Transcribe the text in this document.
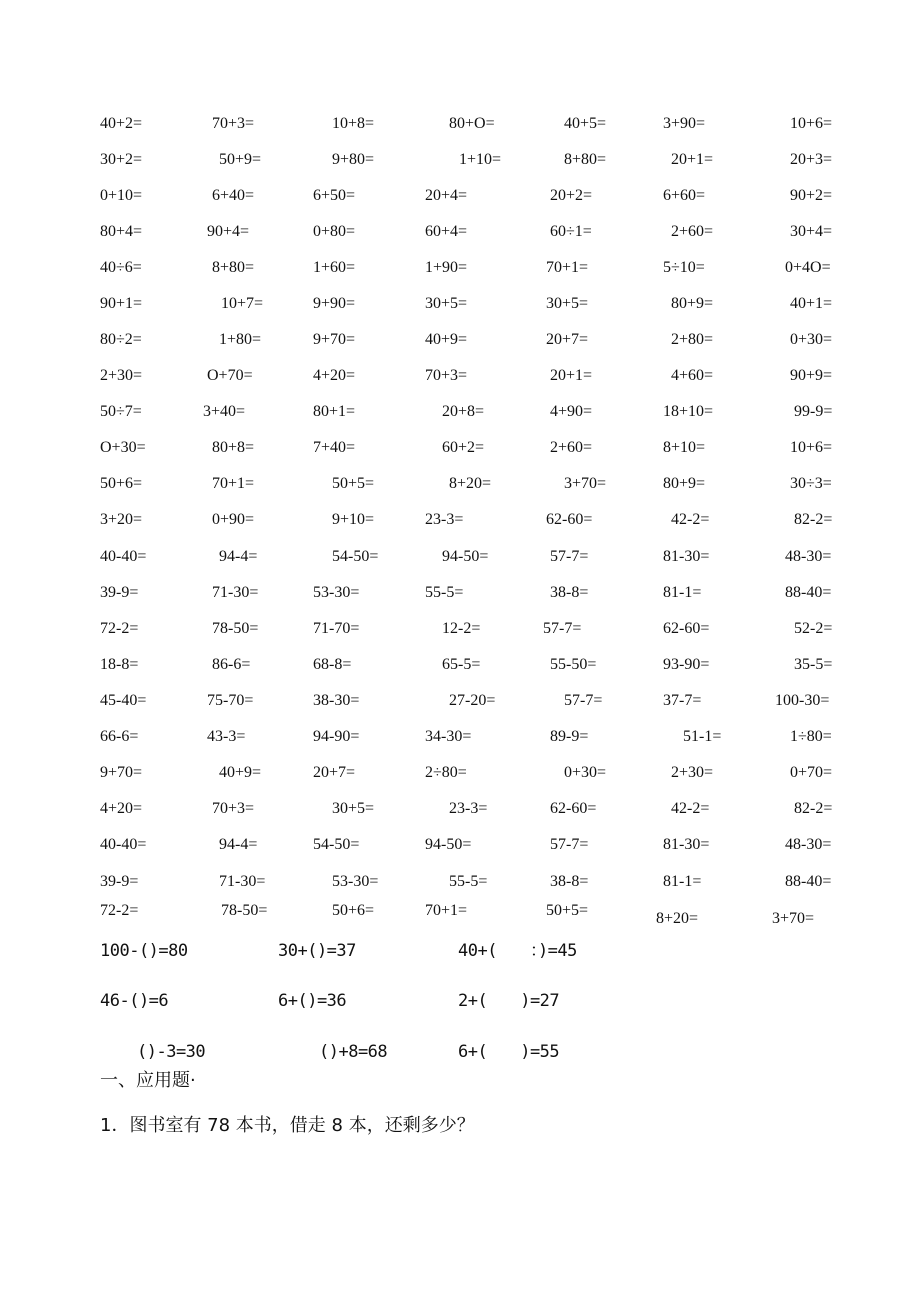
40+2=	70+3=	10+8=	80+O=	40+5=	3+90=	10+6=
30+2=	50+9=	9+80=	1+10=	8+80=	20+1=	20+3=
0+10=	6+40=	6+50=	20+4=	20+2=	6+60=	90+2=
80+4=	90+4=	0+80=	60+4=	60÷1=	2+60=	30+4=
40÷6=	8+80=	1+60=	1+90=	70+1=	5÷10=	0+4O=
90+1=	10+7=	9+90=	30+5=	30+5=	80+9=	40+1=
80÷2=	1+80=	9+70=	40+9=	20+7=	2+80=	0+30=
2+30=	O+70=	4+20=	70+3=	20+1=	4+60=	90+9=
50÷7=	3+40=	80+1=	20+8=	4+90=	18+10=	99-9=
O+30=	80+8=	7+40=	60+2=	2+60=	8+10=	10+6=
50+6=	70+1=	50+5=	8+20=	3+70=	80+9=	30÷3=
3+20=	0+90=	9+10=	23-3=	62-60=	42-2=	82-2=
40-40=	94-4=	54-50=	94-50=	57-7=	81-30=	48-30=
39-9=	71-30=	53-30=	55-5=	38-8=	81-1=	88-40=
72-2=	78-50=	71-70=	12-2=	57-7=	62-60=	52-2=
18-8=	86-6=	68-8=	65-5=	55-50=	93-90=	35-5=
45-40=	75-70=	38-30=	27-20=	57-7=	37-7=	100-30=
66-6=	43-3=	94-90=	34-30=	89-9=	51-1=	1÷80=
9+70=	40+9=	20+7=	2÷80=	0+30=	2+30=	0+70=
4+20=	70+3=	30+5=	23-3=	62-60=	42-2=	82-2=
40-40=	94-4=	54-50=	94-50=	57-7=	81-30=	48-30=
39-9=	71-30=	53-30=	55-5=	38-8=	81-1=	88-40=
72-2=	78-50=	50+6=	70+1=	50+5=	8+20=	3+70=
100-()=80	30+()=37	40+(　　：)=45
46-()=6	6+()=36	2+(　　)=27
()-3=30	()+8=68	6+(　　)=55
一、应用题·
1．图书室有 78 本书，借走 8 本，还剩多少？
